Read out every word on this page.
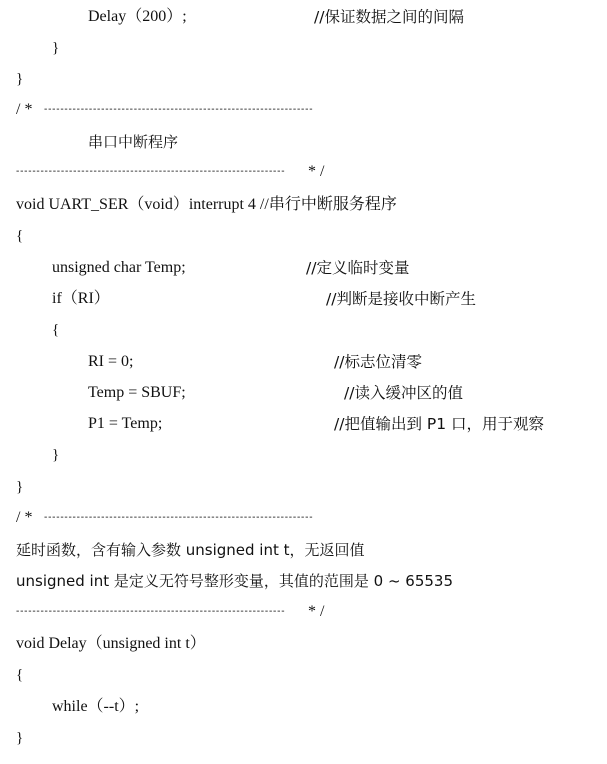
Delay（200）;	//保证数据之间的间隔
}
}
/ * ------------------------------------------------------------------
串口中断程序
------------------------------------------------------------------ * /
void UART_SER（void）interrupt 4 //串行中断服务程序
{
unsigned char Temp;	//定义临时变量
if（RI）	//判断是接收中断产生
{
RI = 0;	//标志位清零
Temp = SBUF;	//读入缓冲区的值
P1 = Temp;	//把值输出到 P1 口，用于观察
}
}
/ * ------------------------------------------------------------------
延时函数，含有输入参数 unsigned int t，无返回值
unsigned int 是定义无符号整形变量，其值的范围是 0 ~ 65535
------------------------------------------------------------------ * /
void Delay（unsigned int t）
{
while（--t）;
}
